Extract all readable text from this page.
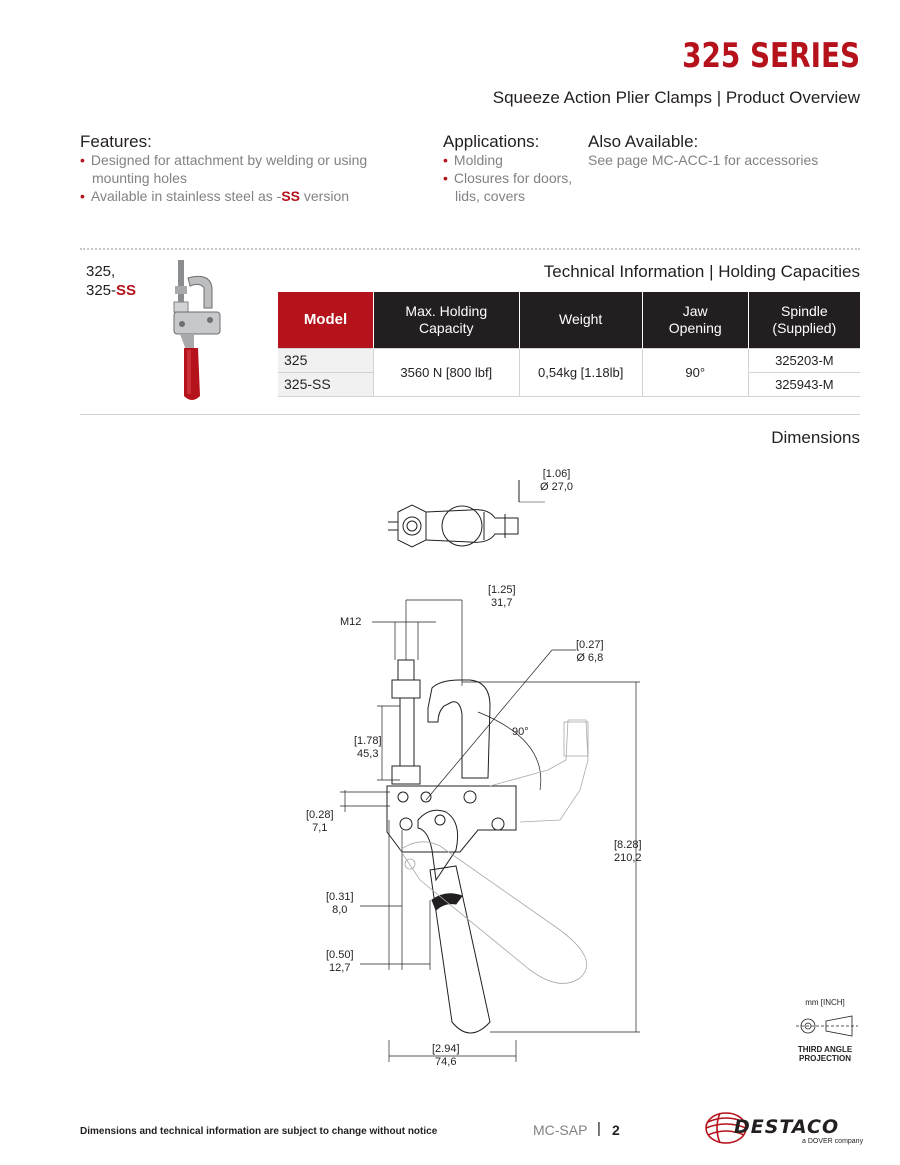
325 SERIES
Squeeze Action Plier Clamps | Product Overview
Features:
• Designed for attachment by welding or using mounting holes
• Available in stainless steel as -SS version
Applications:
• Molding
• Closures for doors, lids, covers
Also Available:
See page MC-ACC-1 for accessories
325,
325-SS
Technical Information | Holding Capacities
Model	Max. Holding Capacity	Weight	Jaw Opening	Spindle (Supplied)
325	3560 N [800 lbf]	0,54kg [1.18lb]	90°	325203-M
325-SS				325943-M
Dimensions
[1.06]
Ø 27,0
[1.25]
31,7
M12
[0.27]
Ø 6,8
90°
[1.78]
45,3
[0.28]
7,1
[8.28]
210,2
[0.31]
8,0
[0.50]
12,7
[2.94]
74,6
mm [INCH]
THIRD ANGLE
PROJECTION
Dimensions and technical information are subject to change without notice	MC-SAP | 2	DESTACO
a DOVER company
